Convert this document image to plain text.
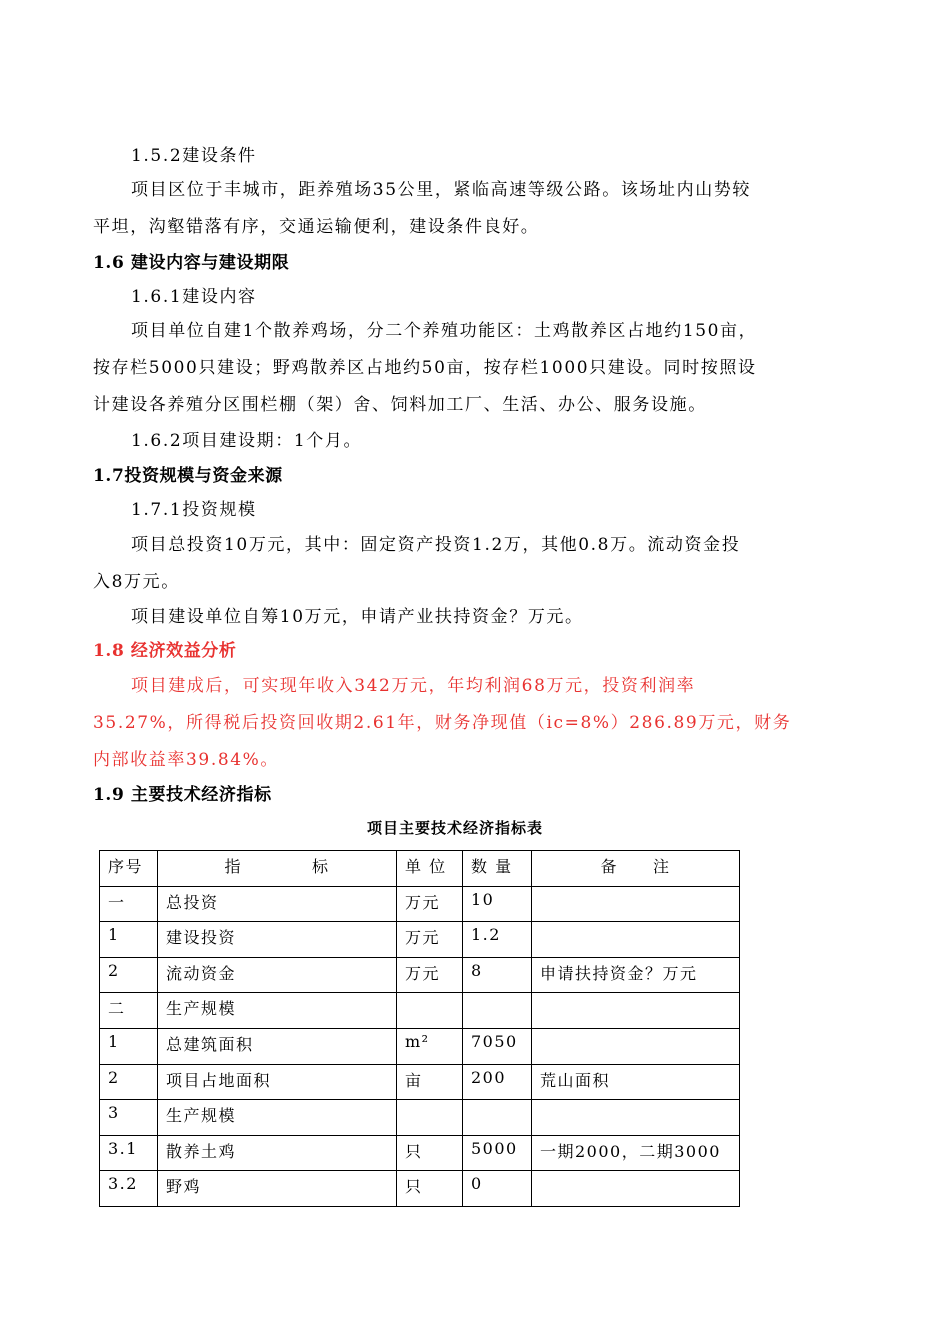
1.5.2建设条件
项目区位于丰城市，距养殖场35公里，紧临高速等级公路。该场址内山势较
平坦，沟壑错落有序，交通运输便利，建设条件良好。
1.6 建设内容与建设期限
1.6.1建设内容
项目单位自建1个散养鸡场，分二个养殖功能区：土鸡散养区占地约150亩，
按存栏5000只建设；野鸡散养区占地约50亩，按存栏1000只建设。同时按照设
计建设各养殖分区围栏棚（架）舍、饲料加工厂、生活、办公、服务设施。
1.6.2项目建设期：1个月。
1.7投资规模与资金来源
1.7.1投资规模
项目总投资10万元，其中：固定资产投资1.2万，其他0.8万。流动资金投
入8万元。
项目建设单位自筹10万元，申请产业扶持资金？万元。
1.8 经济效益分析
项目建成后，可实现年收入342万元，年均利润68万元，投资利润率
35.27%，所得税后投资回收期2.61年，财务净现值（ic=8%）286.89万元，财务
内部收益率39.84%。
1.9 主要技术经济指标
项目主要技术经济指标表
序号	指　　　　标	单 位	数 量	备　　注
一	总投资	万元	10	
1	建设投资	万元	1.2	
2	流动资金	万元	8	申请扶持资金？万元
二	生产规模			
1	总建筑面积	m²	7050	
2	项目占地面积	亩	200	荒山面积
3	生产规模			
3.1	散养土鸡	只	5000	一期2000，二期3000
3.2	野鸡	只	0	
